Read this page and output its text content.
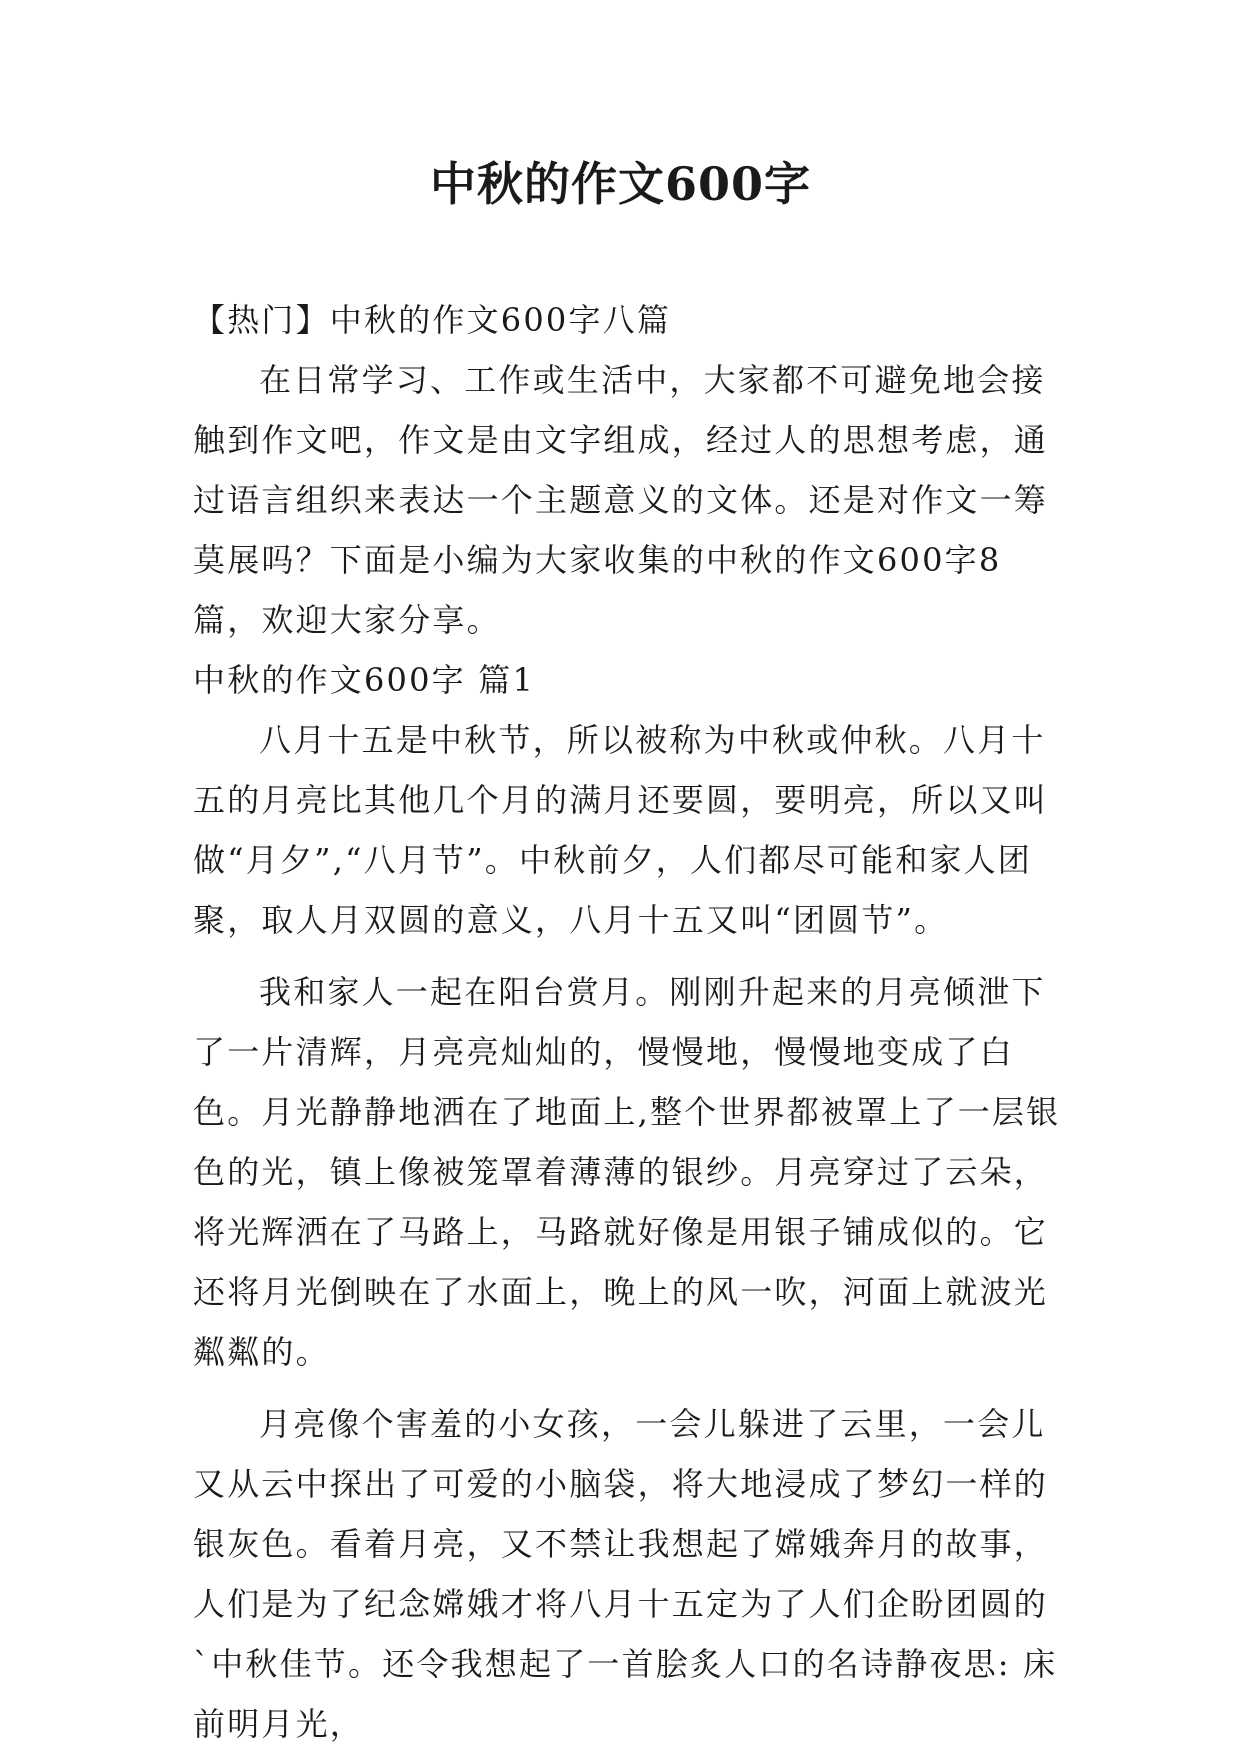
中秋的作文600字

【热门】中秋的作文600字八篇

在日常学习、工作或生活中，大家都不可避免地会接触到作文吧，作文是由文字组成，经过人的思想考虑，通过语言组织来表达一个主题意义的文体。还是对作文一筹莫展吗？下面是小编为大家收集的中秋的作文600字8篇，欢迎大家分享。

中秋的作文600字 篇1

八月十五是中秋节，所以被称为中秋或仲秋。八月十五的月亮比其他几个月的满月还要圆，要明亮，所以又叫做“月夕”,“八月节”。中秋前夕，人们都尽可能和家人团聚，取人月双圆的意义，八月十五又叫“团圆节”。

我和家人一起在阳台赏月。刚刚升起来的月亮倾泄下了一片清辉，月亮亮灿灿的，慢慢地，慢慢地变成了白色。月光静静地洒在了地面上,整个世界都被罩上了一层银色的光，镇上像被笼罩着薄薄的银纱。月亮穿过了云朵，将光辉洒在了马路上，马路就好像是用银子铺成似的。它还将月光倒映在了水面上，晚上的风一吹，河面上就波光粼粼的。

月亮像个害羞的小女孩，一会儿躲进了云里，一会儿又从云中探出了可爱的小脑袋，将大地浸成了梦幻一样的银灰色。看着月亮，又不禁让我想起了嫦娥奔月的故事，人们是为了纪念嫦娥才将八月十五定为了人们企盼团圆的`中秋佳节。还令我想起了一首脍炙人口的名诗静夜思: 床前明月光，
